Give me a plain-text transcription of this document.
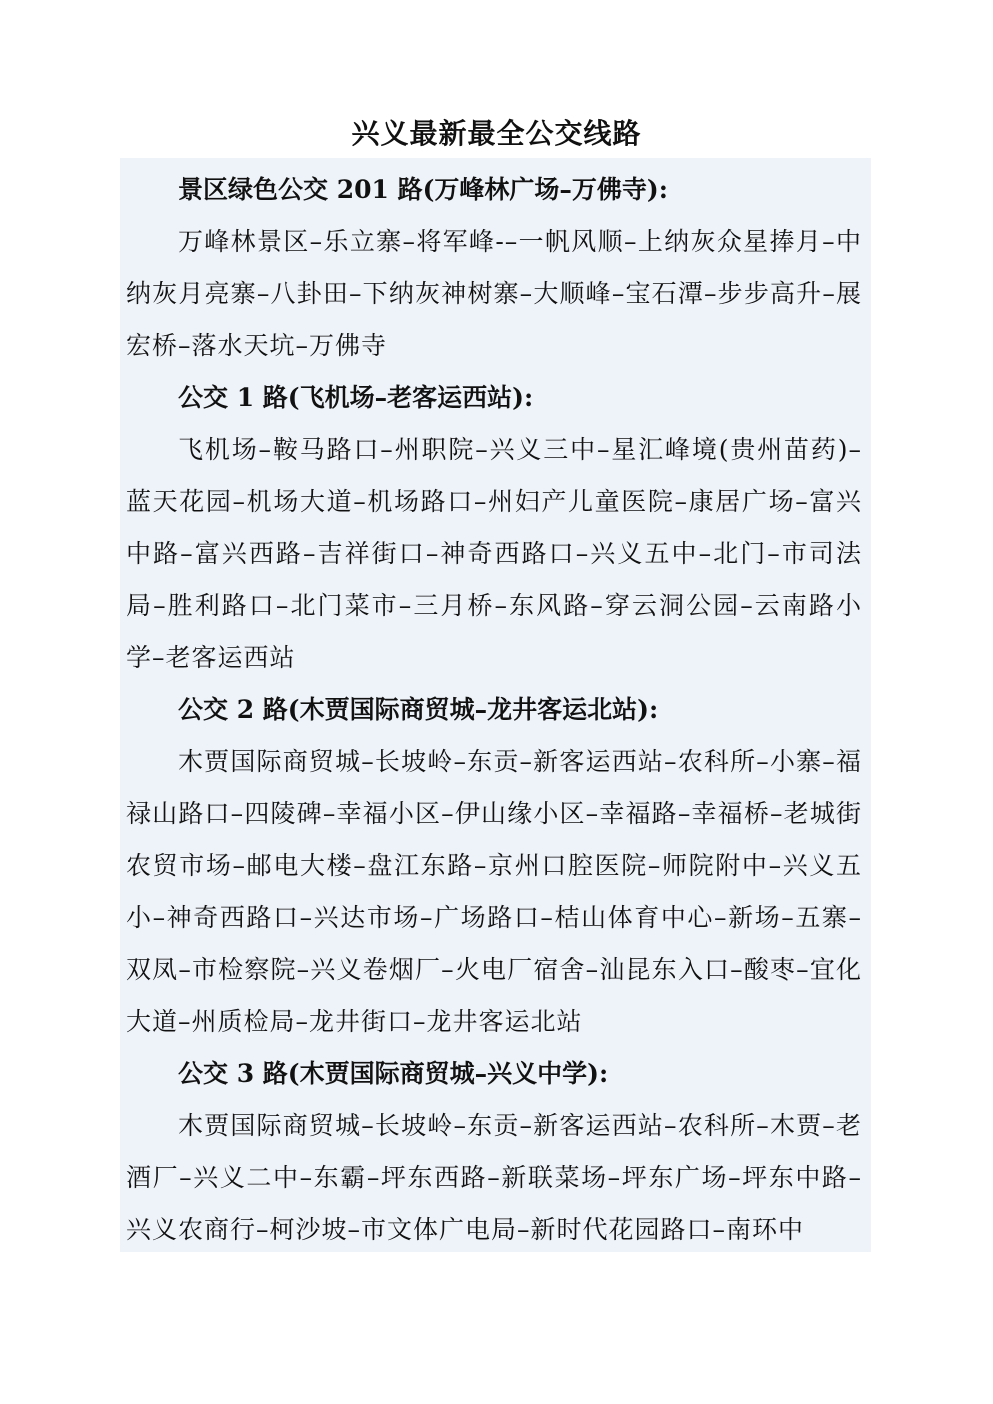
兴义最新最全公交线路

景区绿色公交 201 路(万峰林广场–万佛寺):

万峰林景区–乐立寨–将军峰-–一帆风顺–上纳灰众星捧月–中纳灰月亮寨–八卦田–下纳灰神树寨–大顺峰–宝石潭–步步高升–展宏桥–落水天坑–万佛寺

公交 1 路(飞机场–老客运西站):

飞机场–鞍马路口–州职院–兴义三中–星汇峰境(贵州苗药)–蓝天花园–机场大道–机场路口–州妇产儿童医院–康居广场–富兴中路–富兴西路–吉祥街口–神奇西路口–兴义五中–北门–市司法局–胜利路口–北门菜市–三月桥–东风路–穿云洞公园–云南路小学–老客运西站

公交 2 路(木贾国际商贸城–龙井客运北站):

木贾国际商贸城–长坡岭–东贡–新客运西站–农科所–小寨–福禄山路口–四陵碑–幸福小区–伊山缘小区–幸福路–幸福桥–老城街农贸市场–邮电大楼–盘江东路–京州口腔医院–师院附中–兴义五小–神奇西路口–兴达市场–广场路口–桔山体育中心–新场–五寨–双凤–市检察院–兴义卷烟厂–火电厂宿舍–汕昆东入口–酸枣–宜化大道–州质检局–龙井街口–龙井客运北站

公交 3 路(木贾国际商贸城–兴义中学):

木贾国际商贸城–长坡岭–东贡–新客运西站–农科所–木贾–老酒厂–兴义二中–东霸–坪东西路–新联菜场–坪东广场–坪东中路–兴义农商行–柯沙坡–市文体广电局–新时代花园路口–南环中
